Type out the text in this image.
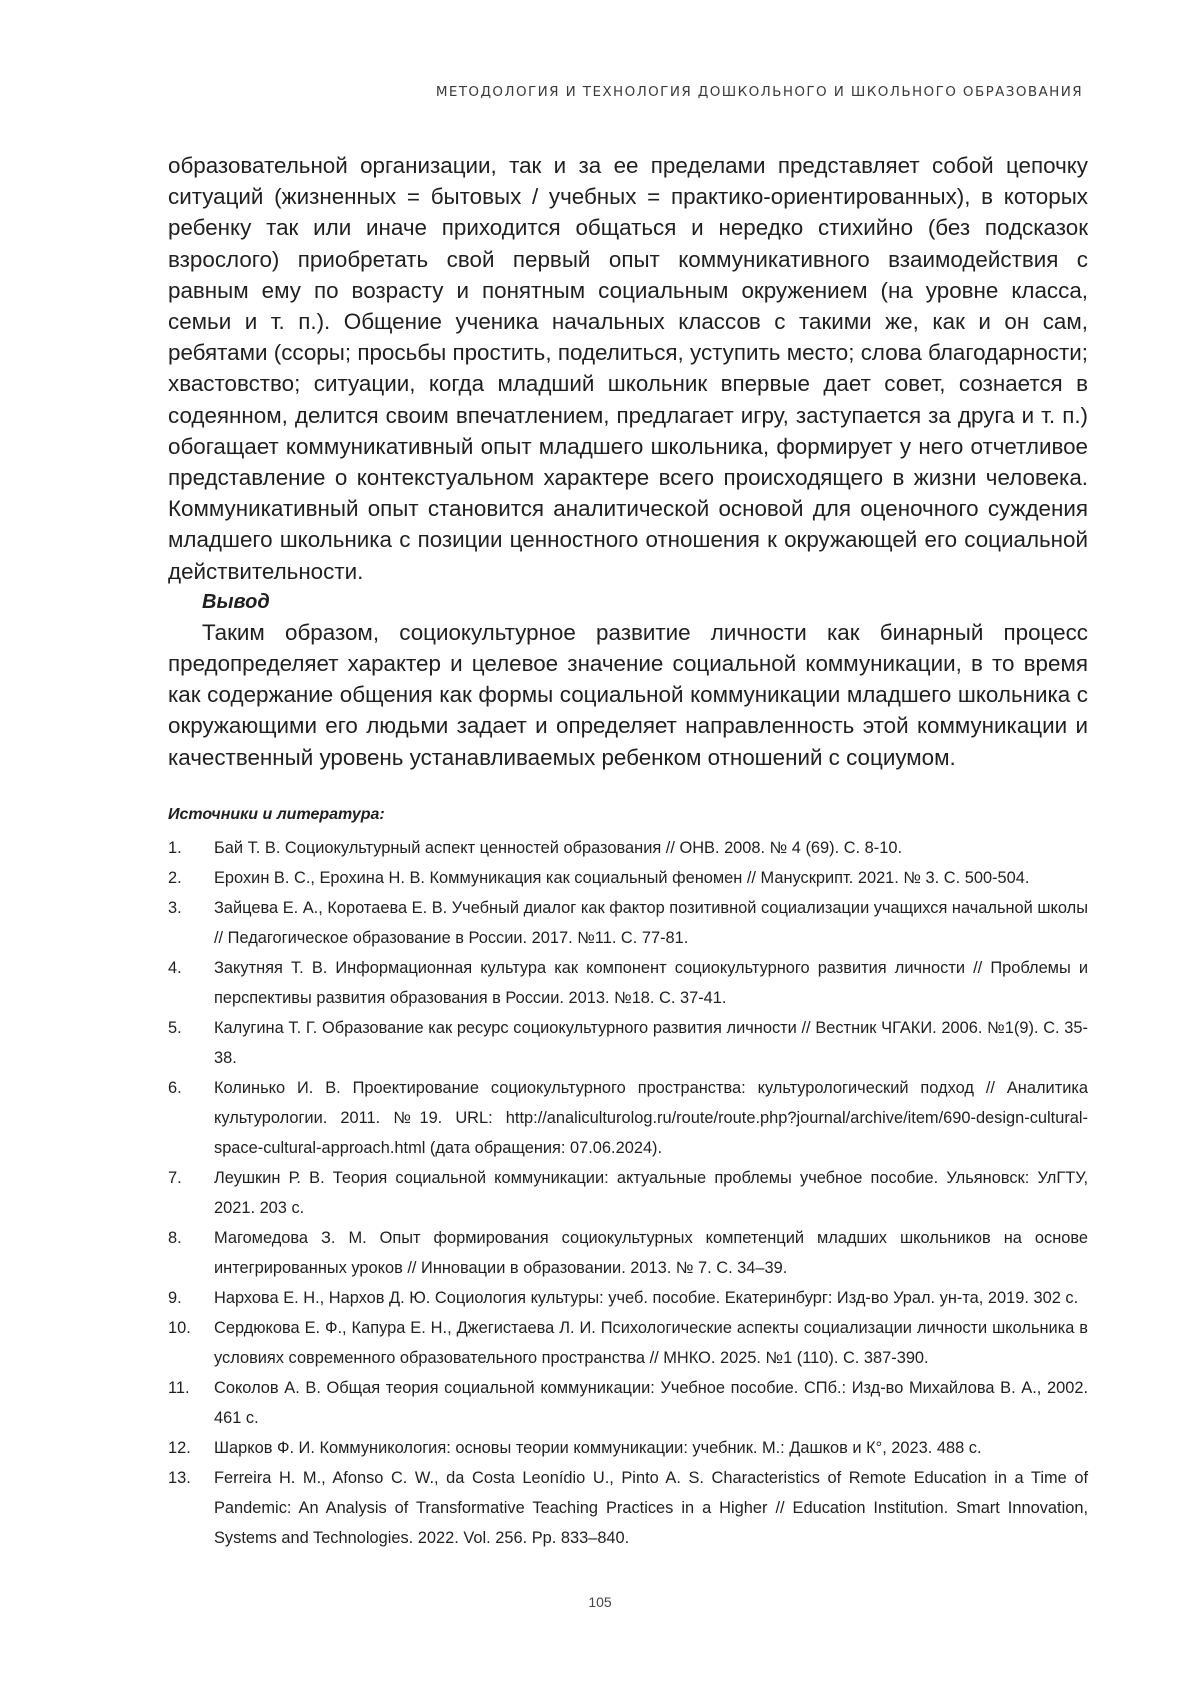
МЕТОДОЛОГИЯ И ТЕХНОЛОГИЯ ДОШКОЛЬНОГО И ШКОЛЬНОГО ОБРАЗОВАНИЯ

образовательной организации, так и за ее пределами представляет собой цепочку ситуаций (жизненных = бытовых / учебных = практико-ориентированных), в которых ребенку так или иначе приходится общаться и нередко стихийно (без подсказок взрослого) приобретать свой первый опыт коммуникативного взаимодействия с равным ему по возрасту и понятным социальным окружением (на уровне класса, семьи и т. п.). Общение ученика начальных классов с такими же, как и он сам, ребятами (ссоры; просьбы простить, поделиться, уступить место; слова благодарности; хвастовство; ситуации, когда младший школьник впервые дает совет, сознается в содеянном, делится своим впечатлением, предлагает игру, заступается за друга и т. п.) обогащает коммуникативный опыт младшего школьника, формирует у него отчетливое представление о контекстуальном характере всего происходящего в жизни человека. Коммуникативный опыт становится аналитической основой для оценочного суждения младшего школьника с позиции ценностного отношения к окружающей его социальной действительности.

Вывод

Таким образом, социокультурное развитие личности как бинарный процесс предопределяет характер и целевое значение социальной коммуникации, в то время как содержание общения как формы социальной коммуникации младшего школьника с окружающими его людьми задает и определяет направленность этой коммуникации и качественный уровень устанавливаемых ребенком отношений с социумом.

Источники и литература:
1.	Бай Т. В. Социокультурный аспект ценностей образования // ОНВ. 2008. № 4 (69). С. 8-10.
2.	Ерохин В. С., Ерохина Н. В. Коммуникация как социальный феномен // Манускрипт. 2021. № 3. С. 500-504.
3.	Зайцева Е. А., Коротаева Е. В. Учебный диалог как фактор позитивной социализации учащихся начальной школы // Педагогическое образование в России. 2017. №11. С. 77-81.
4.	Закутняя Т. В. Информационная культура как компонент социокультурного развития личности // Проблемы и перспективы развития образования в России. 2013. №18. С. 37-41.
5.	Калугина Т. Г. Образование как ресурс социокультурного развития личности // Вестник ЧГАКИ. 2006. №1(9). С. 35-38.
6.	Колинько И. В. Проектирование социокультурного пространства: культурологический подход // Аналитика культурологии. 2011. №19. URL: http://analiculturolog.ru/route/route.php?journal/archive/item/690-design-cultural-space-cultural-approach.html (дата обращения: 07.06.2024).
7.	Леушкин Р. В. Теория социальной коммуникации: актуальные проблемы учебное пособие. Ульяновск: УлГТУ, 2021. 203 с.
8.	Магомедова З. М. Опыт формирования социокультурных компетенций младших школьников на основе интегрированных уроков // Инновации в образовании. 2013. № 7. С. 34–39.
9.	Нархова Е. Н., Нархов Д. Ю. Социология культуры: учеб. пособие. Екатеринбург: Изд-во Урал. ун-та, 2019. 302 с.
10.	Сердюкова Е. Ф., Капура Е. Н., Джегистаева Л. И. Психологические аспекты социализации личности школьника в условиях современного образовательного пространства // МНКО. 2025. №1 (110). С. 387-390.
11.	Соколов А. В. Общая теория социальной коммуникации: Учебное пособие. СПб.: Изд-во Михайлова В. А., 2002. 461 с.
12.	Шарков Ф. И. Коммуникология: основы теории коммуникации: учебник. М.: Дашков и К°, 2023. 488 с.
13.	Ferreira H. M., Afonso C. W., da Costa Leonídio U., Pinto A. S. Characteristics of Remote Education in a Time of Pandemic: An Analysis of Transformative Teaching Practices in a Higher // Education Institution. Smart Innovation, Systems and Technologies. 2022. Vol. 256. Pp. 833–840.
105
